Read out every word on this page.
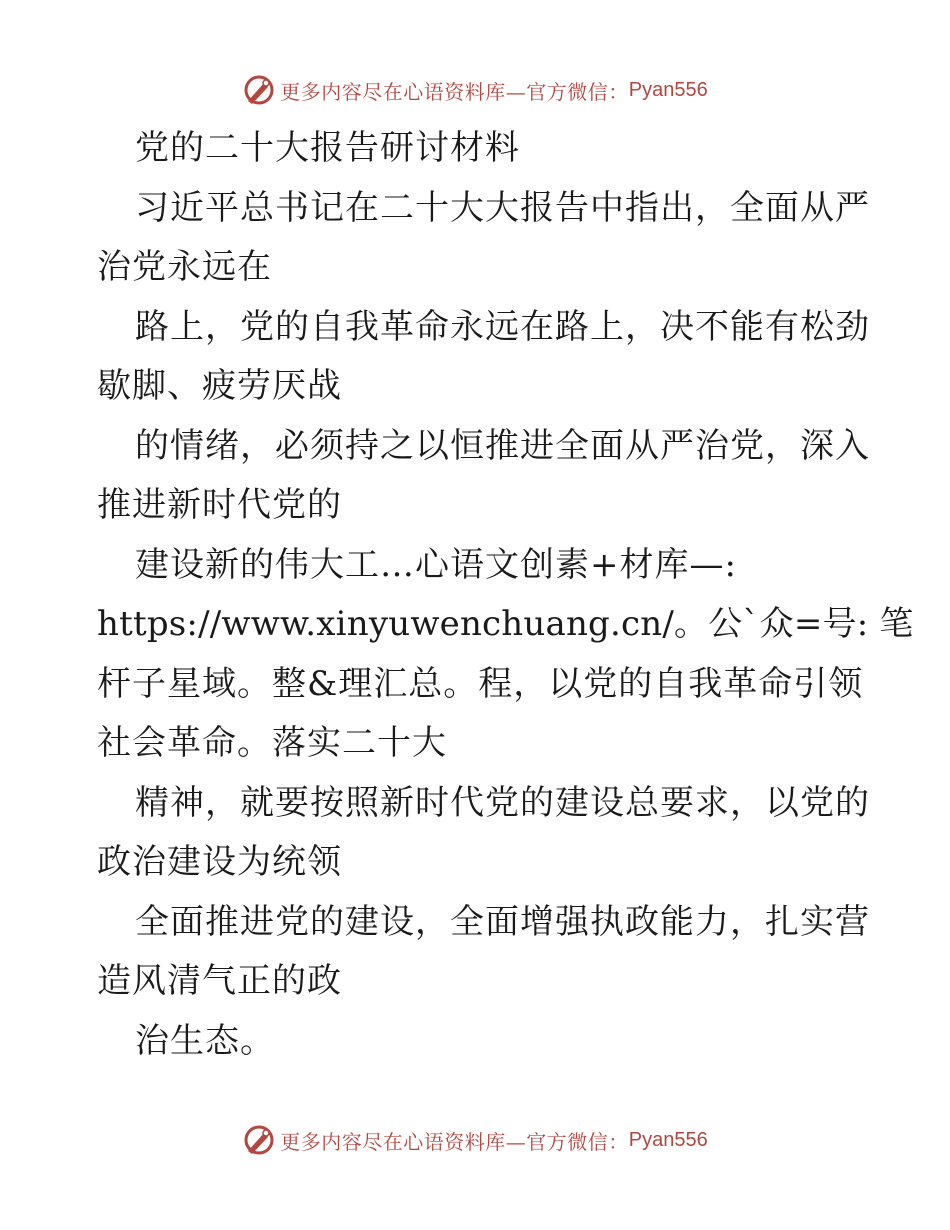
更多内容尽在心语资料库—官方微信： Pyan556
党的二十大报告研讨材料
习近平总书记在二十大大报告中指出，全面从严
治党永远在
路上，党的自我革命永远在路上，决不能有松劲
歇脚、疲劳厌战
的情绪，必须持之以恒推进全面从严治党，深入
推进新时代党的
建设新的伟大工…心语文创素+材库—:
https://www.xinyuwenchuang.cn/。公`众=号: 笔
杆子星域。整&理汇总。程，以党的自我革命引领
社会革命。落实二十大
精神，就要按照新时代党的建设总要求，以党的
政治建设为统领
全面推进党的建设，全面增强执政能力，扎实营
造风清气正的政
治生态。
更多内容尽在心语资料库—官方微信： Pyan556
